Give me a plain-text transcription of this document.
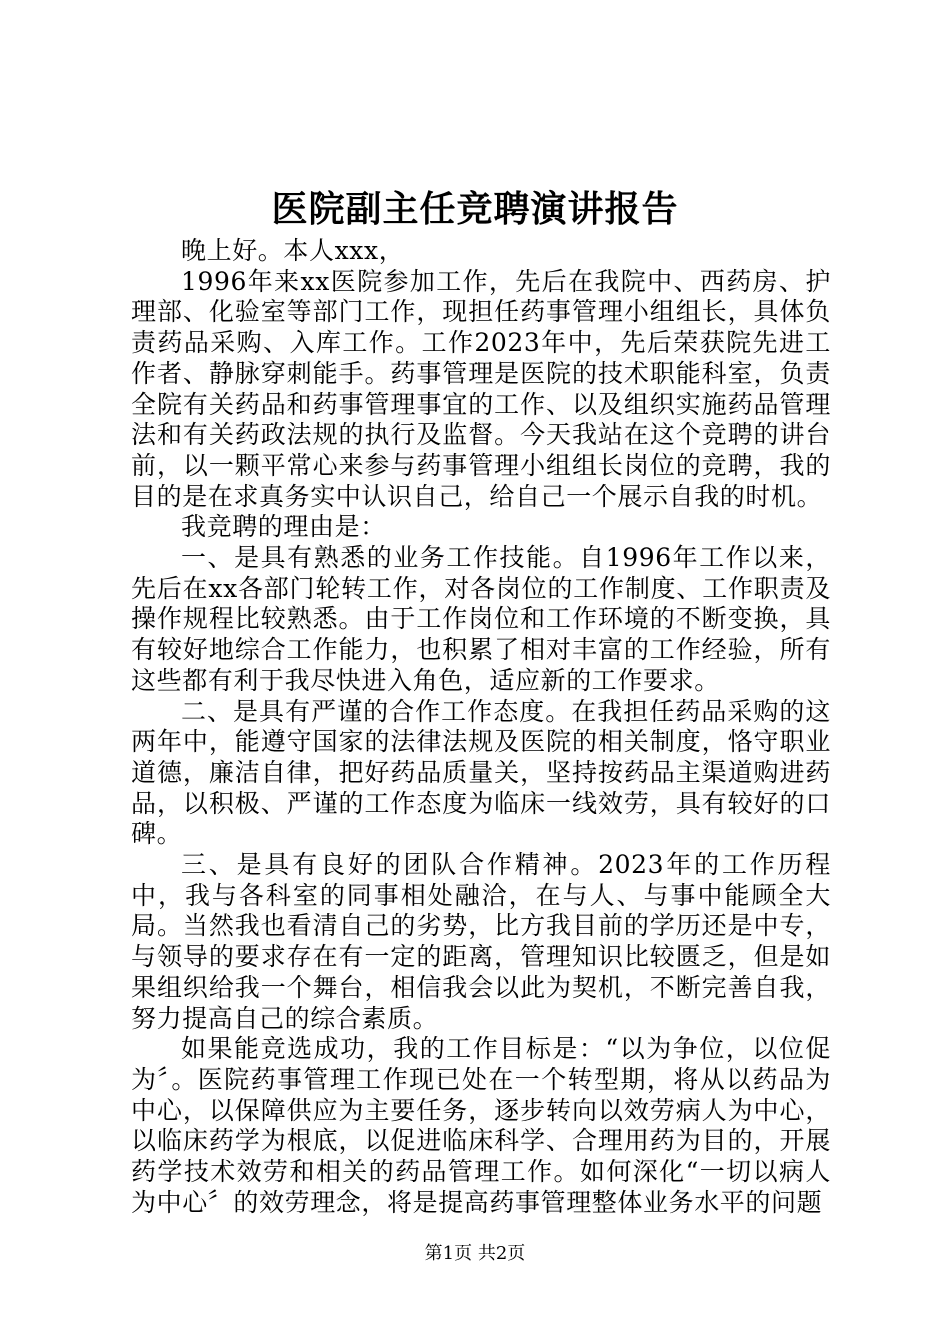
医院副主任竞聘演讲报告

晚上好。本人xxx，

1996年来xx医院参加工作，先后在我院中、西药房、护理部、化验室等部门工作，现担任药事管理小组组长，具体负责药品采购、入库工作。工作2023年中，先后荣获院先进工作者、静脉穿刺能手。药事管理是医院的技术职能科室，负责全院有关药品和药事管理事宜的工作、以及组织实施药品管理法和有关药政法规的执行及监督。今天我站在这个竞聘的讲台前，以一颗平常心来参与药事管理小组组长岗位的竞聘，我的目的是在求真务实中认识自己，给自己一个展示自我的时机。

我竞聘的理由是：

一、是具有熟悉的业务工作技能。自1996年工作以来，先后在xx各部门轮转工作，对各岗位的工作制度、工作职责及操作规程比较熟悉。由于工作岗位和工作环境的不断变换，具有较好地综合工作能力，也积累了相对丰富的工作经验，所有这些都有利于我尽快进入角色，适应新的工作要求。

二、是具有严谨的合作工作态度。在我担任药品采购的这两年中，能遵守国家的法律法规及医院的相关制度，恪守职业道德，廉洁自律，把好药品质量关，坚持按药品主渠道购进药品，以积极、严谨的工作态度为临床一线效劳，具有较好的口碑。

三、是具有良好的团队合作精神。2023年的工作历程中，我与各科室的同事相处融洽，在与人、与事中能顾全大局。当然我也看清自己的劣势，比方我目前的学历还是中专，与领导的要求存在有一定的距离，管理知识比较匮乏，但是如果组织给我一个舞台，相信我会以此为契机，不断完善自我，努力提高自己的综合素质。

如果能竞选成功，我的工作目标是：“以为争位，以位促为〞。医院药事管理工作现已处在一个转型期，将从以药品为中心，以保障供应为主要任务，逐步转向以效劳病人为中心，以临床药学为根底，以促进临床科学、合理用药为目的，开展药学技术效劳和相关的药品管理工作。如何深化“一切以病人为中心〞的效劳理念，将是提高药事管理整体业务水平的问题

第1页 共2页
